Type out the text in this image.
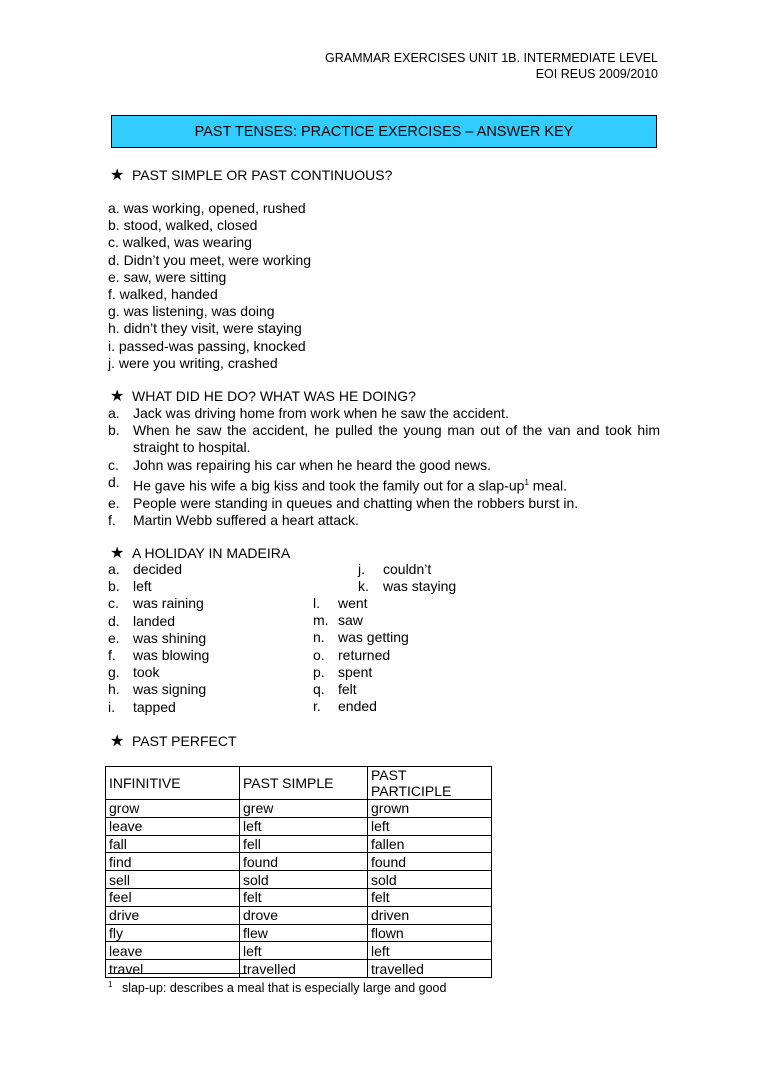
GRAMMAR EXERCISES UNIT 1B. INTERMEDIATE LEVEL
EOI REUS 2009/2010
PAST TENSES: PRACTICE EXERCISES – ANSWER KEY
★ PAST SIMPLE OR PAST CONTINUOUS?
a. was working, opened, rushed
b. stood, walked, closed
c. walked, was wearing
d. Didn’t you meet, were working
e. saw, were sitting
f. walked, handed
g. was listening, was doing
h. didn’t they visit, were staying
i. passed-was passing, knocked
j. were you writing, crashed
★ WHAT DID HE DO? WHAT WAS HE DOING?
a. Jack was driving home from work when he saw the accident.
b. When he saw the accident, he pulled the young man out of the van and took him straight to hospital.
c.	John was repairing his car when he heard the good news.
d. He gave his wife a big kiss and took the family out for a slap-$up^1$ meal.
e. People were standing in queues and chatting when the robbers burst in.
f.	Martin Webb suffered a heart attack.
★ A HOLIDAY IN MADEIRA
a. decided
b. left
c.	was raining
d. landed
e. was shining
f.	was blowing
g. took
h. was signing
i.	tapped
j.	couldn’t
k.	was staying
l.	went
m. saw
n. was getting
o. returned
p. spent
q. felt
r.	ended
★ PAST PERFECT
INFINITIVE	PAST SIMPLE	PAST PARTICIPLE
grow	grew	grown
leave	left	left
fall	fell	fallen
find	found	found
sell	sold	sold
feel	felt	felt
drive	drove	driven
fly	flew	flown
leave	left	left
travel	travelled	travelled
$^1$ slap-up: describes a meal that is especially large and good
